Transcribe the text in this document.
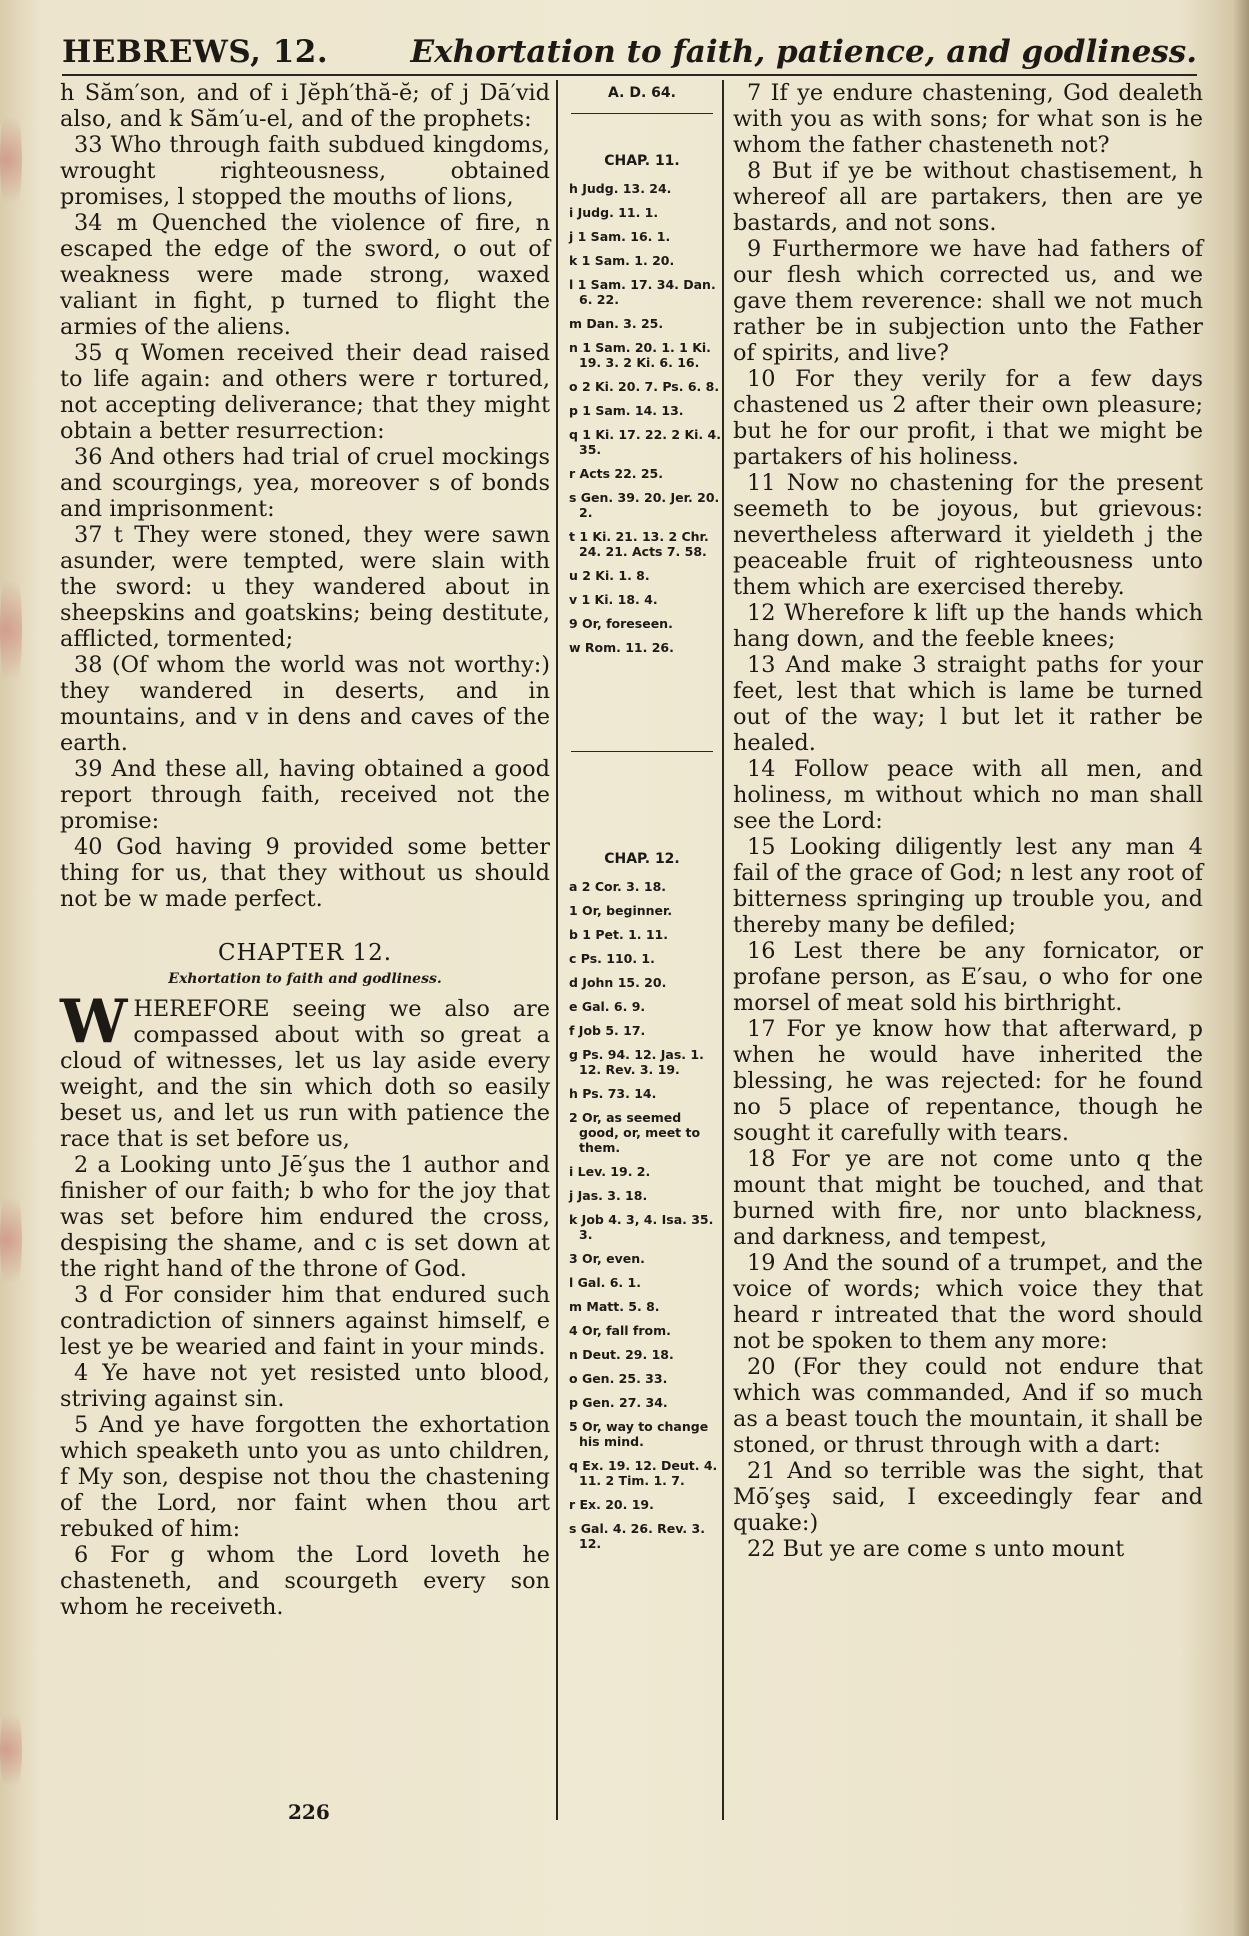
HEBREWS, 12.	Exhortation to faith, patience, and godliness.

h Săm′son, and of i Jĕph′thă-ĕ; of j Dā′vid also, and k Săm′u-el, and of the prophets:

33 Who through faith subdued kingdoms, wrought righteousness, obtained promises, l stopped the mouths of lions,

34 m Quenched the violence of fire, n escaped the edge of the sword, o out of weakness were made strong, waxed valiant in fight, p turned to flight the armies of the aliens.

35 q Women received their dead raised to life again: and others were r tortured, not accepting deliverance; that they might obtain a better resurrection:

36 And others had trial of cruel mockings and scourgings, yea, moreover s of bonds and imprisonment:

37 t They were stoned, they were sawn asunder, were tempted, were slain with the sword: u they wandered about in sheepskins and goatskins; being destitute, afflicted, tormented;

38 (Of whom the world was not worthy:) they wandered in deserts, and in mountains, and v in dens and caves of the earth.

39 And these all, having obtained a good report through faith, received not the promise:

40 God having 9 provided some better thing for us, that they without us should not be w made perfect.

CHAPTER 12.
Exhortation to faith and godliness.

WHEREFORE seeing we also are compassed about with so great a cloud of witnesses, let us lay aside every weight, and the sin which doth so easily beset us, and let us run with patience the race that is set before us,

2 a Looking unto Jē′şus the 1 author and finisher of our faith; b who for the joy that was set before him endured the cross, despising the shame, and c is set down at the right hand of the throne of God.

3 d For consider him that endured such contradiction of sinners against himself, e lest ye be wearied and faint in your minds.

4 Ye have not yet resisted unto blood, striving against sin.

5 And ye have forgotten the exhortation which speaketh unto you as unto children, f My son, despise not thou the chastening of the Lord, nor faint when thou art rebuked of him:

6 For g whom the Lord loveth he chasteneth, and scourgeth every son whom he receiveth.

A. D. 64.
CHAP. 11.
h Judg. 13. 24.
i Judg. 11. 1.
j 1 Sam. 16. 1.
k 1 Sam. 1. 20.
l 1 Sam. 17. 34. Dan. 6. 22.
m Dan. 3. 25.
n 1 Sam. 20. 1. 1 Ki. 19. 3. 2 Ki. 6. 16.
o 2 Ki. 20. 7. Ps. 6. 8.
p 1 Sam. 14. 13.
q 1 Ki. 17. 22. 2 Ki. 4. 35.
r Acts 22. 25.
s Gen. 39. 20. Jer. 20. 2.
t 1 Ki. 21. 13. 2 Chr. 24. 21. Acts 7. 58.
u 2 Ki. 1. 8.
v 1 Ki. 18. 4.
9 Or, foreseen.
w Rom. 11. 26.
CHAP. 12.
a 2 Cor. 3. 18.
1 Or, beginner.
b 1 Pet. 1. 11.
c Ps. 110. 1.
d John 15. 20.
e Gal. 6. 9.
f Job 5. 17.
g Ps. 94. 12. Jas. 1. 12. Rev. 3. 19.
h Ps. 73. 14.
2 Or, as seemed good, or, meet to them.
i Lev. 19. 2.
j Jas. 3. 18.
k Job 4. 3, 4. Isa. 35. 3.
3 Or, even.
l Gal. 6. 1.
m Matt. 5. 8.
4 Or, fall from.
n Deut. 29. 18.
o Gen. 25. 33.
p Gen. 27. 34.
5 Or, way to change his mind.
q Ex. 19. 12. Deut. 4. 11. 2 Tim. 1. 7.
r Ex. 20. 19.
s Gal. 4. 26. Rev. 3. 12.

7 If ye endure chastening, God dealeth with you as with sons; for what son is he whom the father chasteneth not?

8 But if ye be without chastisement, h whereof all are partakers, then are ye bastards, and not sons.

9 Furthermore we have had fathers of our flesh which corrected us, and we gave them reverence: shall we not much rather be in subjection unto the Father of spirits, and live?

10 For they verily for a few days chastened us 2 after their own pleasure; but he for our profit, i that we might be partakers of his holiness.

11 Now no chastening for the present seemeth to be joyous, but grievous: nevertheless afterward it yieldeth j the peaceable fruit of righteousness unto them which are exercised thereby.

12 Wherefore k lift up the hands which hang down, and the feeble knees;

13 And make 3 straight paths for your feet, lest that which is lame be turned out of the way; l but let it rather be healed.

14 Follow peace with all men, and holiness, m without which no man shall see the Lord:

15 Looking diligently lest any man 4 fail of the grace of God; n lest any root of bitterness springing up trouble you, and thereby many be defiled;

16 Lest there be any fornicator, or profane person, as E′sau, o who for one morsel of meat sold his birthright.

17 For ye know how that afterward, p when he would have inherited the blessing, he was rejected: for he found no 5 place of repentance, though he sought it carefully with tears.

18 For ye are not come unto q the mount that might be touched, and that burned with fire, nor unto blackness, and darkness, and tempest,

19 And the sound of a trumpet, and the voice of words; which voice they that heard r intreated that the word should not be spoken to them any more:

20 (For they could not endure that which was commanded, And if so much as a beast touch the mountain, it shall be stoned, or thrust through with a dart:

21 And so terrible was the sight, that Mō′şeş said, I exceedingly fear and quake:)

22 But ye are come s unto mount

226
